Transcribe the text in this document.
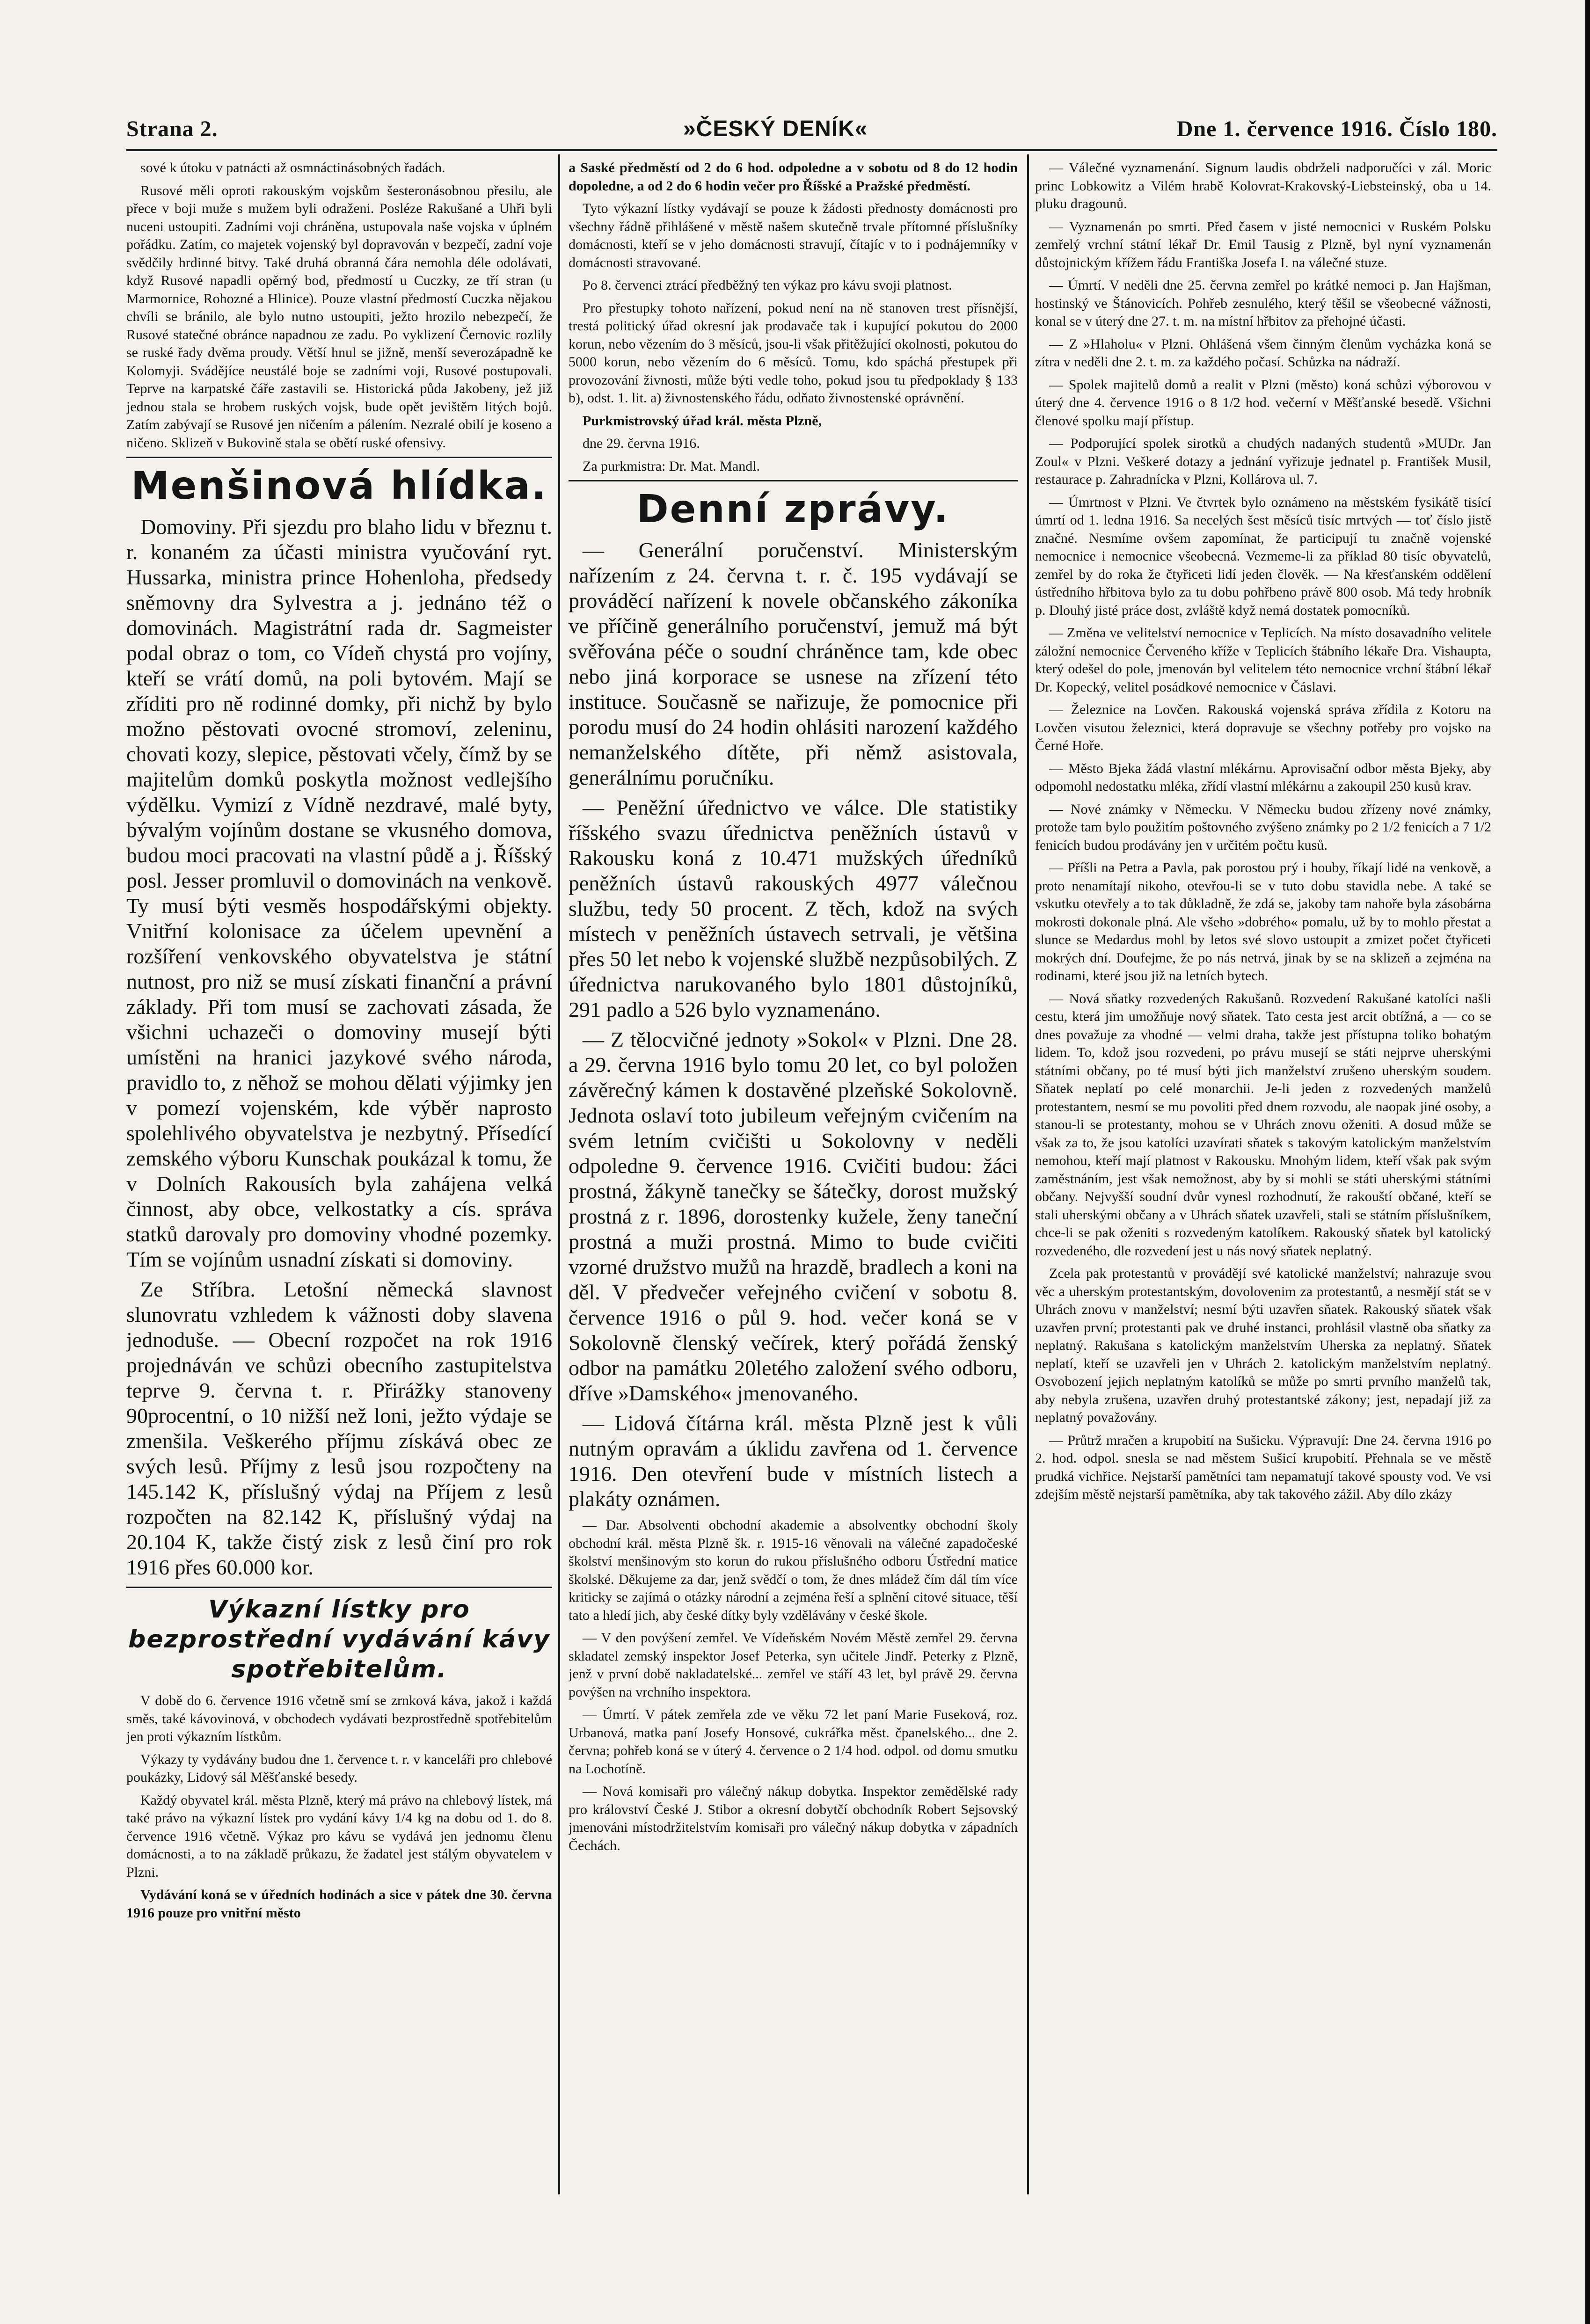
Strana 2.	»ČESKÝ DENÍK«	Dne 1. července 1916. Číslo 180.

sové k útoku v patnácti až osmnáctinásobných řadách.

Rusové měli oproti rakouským vojskům šesteronásobnou přesilu, ale přece v boji muže s mužem byli odraženi. Posléze Rakušané a Uhři byli nuceni ustoupiti. Zadními voji chráněna, ustupovala naše vojska v úplném pořádku. Zatím, co majetek vojenský byl dopravován v bezpečí, zadní voje svědčily hrdinné bitvy. Také druhá obranná čára nemohla déle odolávati, když Rusové napadli opěrný bod, předmostí u Cuczky, ze tří stran (u Marmornice, Rohozné a Hlinice). Pouze vlastní předmostí Cuczka nějakou chvíli se bránilo, ale bylo nutno ustoupiti, ježto hrozilo nebezpečí, že Rusové statečné obránce napadnou ze zadu. Po vyklizení Černovic rozlily se ruské řady dvěma proudy. Větší hnul se jižně, menší severozápadně ke Kolomyji. Svádějíce neustálé boje se zadními voji, Rusové postupovali. Teprve na karpatské čáře zastavili se. Historická půda Jakobeny, jež již jednou stala se hrobem ruských vojsk, bude opět jevištěm litých bojů. Zatím zabývají se Rusové jen ničením a pálením. Nezralé obilí je koseno a ničeno. Sklizeň v Bukovině stala se obětí ruské ofensivy.

Menšinová hlídka.

Domoviny. Při sjezdu pro blaho lidu v březnu t. r. konaném za účasti ministra vyučování ryt. Hussarka, ministra prince Hohenloha, předsedy sněmovny dra Sylvestra a j. jednáno též o domovinách. Magistrátní rada dr. Sagmeister podal obraz o tom, co Vídeň chystá pro vojíny, kteří se vrátí domů, na poli bytovém. Mají se zříditi pro ně rodinné domky, při nichž by bylo možno pěstovati ovocné stromoví, zeleninu, chovati kozy, slepice, pěstovati včely, čímž by se majitelům domků poskytla možnost vedlejšího výdělku. Vymizí z Vídně nezdravé, malé byty, bývalým vojínům dostane se vkusného domova, budou moci pracovati na vlastní půdě a j. Říšský posl. Jesser promluvil o domovinách na venkově. Ty musí býti vesměs hospodářskými objekty. Vnitřní kolonisace za účelem upevnění a rozšíření venkovského obyvatelstva je státní nutnost, pro niž se musí získati finanční a právní základy. Při tom musí se zachovati zásada, že všichni uchazeči o domoviny musejí býti umístěni na hranici jazykové svého národa, pravidlo to, z něhož se mohou dělati výjimky jen v pomezí vojenském, kde výběr naprosto spolehlivého obyvatelstva je nezbytný. Přísedící zemského výboru Kunschak poukázal k tomu, že v Dolních Rakousích byla zahájena velká činnost, aby obce, velkostatky a cís. správa statků darovaly pro domoviny vhodné pozemky. Tím se vojínům usnadní získati si domoviny.

Ze Stříbra. Letošní německá slavnost slunovratu vzhledem k vážnosti doby slavena jednoduše. — Obecní rozpočet na rok 1916 projednáván ve schůzi obecního zastupitelstva teprve 9. června t. r. Přirážky stanoveny 90procentní, o 10 nižší než loni, ježto výdaje se zmenšila. Veškerého příjmu získává obec ze svých lesů. Příjmy z lesů jsou rozpočteny na 145.142 K, příslušný výdaj na Příjem z lesů rozpočten na 82.142 K, příslušný výdaj na 20.104 K, takže čistý zisk z lesů činí pro rok 1916 přes 60.000 kor.

Výkazní lístky pro bezprostřední vydávání kávy spotřebitelům.

V době do 6. července 1916 včetně smí se zrnková káva, jakož i každá směs, také kávovinová, v obchodech vydávati bezprostředně spotřebitelům jen proti výkazním lístkům.

Výkazy ty vydávány budou dne 1. července t. r. v kanceláři pro chlebové poukázky, Lidový sál Měšťanské besedy.

Každý obyvatel král. města Plzně, který má právo na chlebový lístek, má také právo na výkazní lístek pro vydání kávy 1/4 kg na dobu od 1. do 8. července 1916 včetně. Výkaz pro kávu se vydává jen jednomu členu domácnosti, a to na základě průkazu, že žadatel jest stálým obyvatelem v Plzni.

Vydávání koná se v úředních hodinách a sice v pátek dne 30. června 1916 pouze pro vnitřní město

a Saské předměstí od 2 do 6 hod. odpoledne a v sobotu od 8 do 12 hodin dopoledne, a od 2 do 6 hodin večer pro Říšské a Pražské předměstí.

Tyto výkazní lístky vydávají se pouze k žádosti přednosty domácnosti pro všechny řádně přihlášené v městě našem skutečně trvale přítomné příslušníky domácnosti, kteří se v jeho domácnosti stravují, čítajíc v to i podnájemníky v domácnosti stravované.

Po 8. červenci ztrácí předběžný ten výkaz pro kávu svoji platnost.

Pro přestupky tohoto nařízení, pokud není na ně stanoven trest přísnější, trestá politický úřad okresní jak prodavače tak i kupující pokutou do 2000 korun, nebo vězením do 3 měsíců, jsou-li však přitěžující okolnosti, pokutou do 5000 korun, nebo vězením do 6 měsíců. Tomu, kdo spáchá přestupek při provozování živnosti, může býti vedle toho, pokud jsou tu předpoklady § 133 b), odst. 1. lit. a) živnostenského řádu, odňato živnostenské oprávnění.

Purkmistrovský úřad král. města Plzně,

dne 29. června 1916.

Za purkmistra: Dr. Mat. Mandl.

Denní zprávy.

— Generální poručenství. Ministerským nařízením z 24. června t. r. č. 195 vydávají se prováděcí nařízení k novele občanského zákoníka ve příčině generálního poručenství, jemuž má být svěřována péče o soudní chráněnce tam, kde obec nebo jiná korporace se usnese na zřízení této instituce. Současně se nařizuje, že pomocnice při porodu musí do 24 hodin ohlásiti narození každého nemanželského dítěte, při němž asistovala, generálnímu poručníku.

— Peněžní úřednictvo ve válce. Dle statistiky říšského svazu úřednictva peněžních ústavů v Rakousku koná z 10.471 mužských úředníků peněžních ústavů rakouských 4977 válečnou službu, tedy 50 procent. Z těch, kdož na svých místech v peněžních ústavech setrvali, je většina přes 50 let nebo k vojenské službě nezpůsobilých. Z úřednictva narukovaného bylo 1801 důstojníků, 291 padlo a 526 bylo vyznamenáno.

— Z tělocvičné jednoty »Sokol« v Plzni. Dne 28. a 29. června 1916 bylo tomu 20 let, co byl položen závěrečný kámen k dostavěné plzeňské Sokolovně. Jednota oslaví toto jubileum veřejným cvičením na svém letním cvičišti u Sokolovny v neděli odpoledne 9. července 1916. Cvičiti budou: žáci prostná, žákyně tanečky se šátečky, dorost mužský prostná z r. 1896, dorostenky kužele, ženy taneční prostná a muži prostná. Mimo to bude cvičiti vzorné družstvo mužů na hrazdě, bradlech a koni na děl. V předvečer veřejného cvičení v sobotu 8. července 1916 o půl 9. hod. večer koná se v Sokolovně členský večírek, který pořádá ženský odbor na památku 20letého založení svého odboru, dříve »Damského« jmenovaného.

— Lidová čítárna král. města Plzně jest k vůli nutným opravám a úklidu zavřena od 1. července 1916. Den otevření bude v místních listech a plakáty oznámen.

— Dar. Absolventi obchodní akademie a absolventky obchodní školy obchodní král. města Plzně šk. r. 1915-16 věnovali na válečné zapadočeské školství menšinovým sto korun do rukou příslušného odboru Ústřední matice školské. Děkujeme za dar, jenž svědčí o tom, že dnes mládež čím dál tím více kriticky se zajímá o otázky národní a zejména řeší a splnění citové situace, těší tato a hledí jich, aby české dítky byly vzdělávány v české škole.

— V den povýšení zemřel. Ve Vídeňském Novém Městě zemřel 29. června skladatel zemský inspektor Josef Peterka, syn učitele Jindř. Peterky z Plzně, jenž v první době nakladatelské... zemřel ve stáří 43 let, byl právě 29. června povýšen na vrchního inspektora.

— Úmrtí. V pátek zemřela zde ve věku 72 let paní Marie Fuseková, roz. Urbanová, matka paní Josefy Honsové, cukrářka měst. čpanelského... dne 2. června; pohřeb koná se v úterý 4. července o 2 1/4 hod. odpol. od domu smutku na Lochotíně.

— Nová komisaři pro válečný nákup dobytka. Inspektor zemědělské rady pro království České J. Stibor a okresní dobytčí obchodník Robert Sejsovský jmenováni místodržitelstvím komisaři pro válečný nákup dobytka v západních Čechách.

— Válečné vyznamenání. Signum laudis obdrželi nadporučíci v zál. Moric princ Lobkowitz a Vilém hrabě Kolovrat-Krakovský-Liebsteinský, oba u 14. pluku dragounů.

— Vyznamenán po smrti. Před časem v jisté nemocnici v Ruském Polsku zemřelý vrchní státní lékař Dr. Emil Tausig z Plzně, byl nyní vyznamenán důstojnickým křížem řádu Františka Josefa I. na válečné stuze.

— Úmrtí. V neděli dne 25. června zemřel po krátké nemoci p. Jan Hajšman, hostinský ve Štánovicích. Pohřeb zesnulého, který těšil se všeobecné vážnosti, konal se v úterý dne 27. t. m. na místní hřbitov za přehojné účasti.

— Z »Hlaholu« v Plzni. Ohlášená všem činným členům vycházka koná se zítra v neděli dne 2. t. m. za každého počasí. Schůzka na nádraží.

— Spolek majitelů domů a realit v Plzni (město) koná schůzi výborovou v úterý dne 4. července 1916 o 8 1/2 hod. večerní v Měšťanské besedě. Všichni členové spolku mají přístup.

— Podporující spolek sirotků a chudých nadaných studentů »MUDr. Jan Zoul« v Plzni. Veškeré dotazy a jednání vyřizuje jednatel p. František Musil, restaurace p. Zahradnícka v Plzni, Kollárova ul. 7.

— Úmrtnost v Plzni. Ve čtvrtek bylo oznámeno na městském fysikátě tisící úmrtí od 1. ledna 1916. Sa necelých šest měsíců tisíc mrtvých — toť číslo jistě značné. Nesmíme ovšem zapomínat, že participují tu značně vojenské nemocnice i nemocnice všeobecná. Vezmeme-li za příklad 80 tisíc obyvatelů, zemřel by do roka že čtyřiceti lidí jeden člověk. — Na křesťanském oddělení ústředního hřbitova bylo za tu dobu pohřbeno právě 800 osob. Má tedy hrobník p. Dlouhý jisté práce dost, zvláště když nemá dostatek pomocníků.

— Změna ve velitelství nemocnice v Teplicích. Na místo dosavadního velitele záložní nemocnice Červeného kříže v Teplicích štábního lékaře Dra. Vishaupta, který odešel do pole, jmenován byl velitelem této nemocnice vrchní štábní lékař Dr. Kopecký, velitel posádkové nemocnice v Čáslavi.

— Železnice na Lovčen. Rakouská vojenská správa zřídila z Kotoru na Lovčen visutou železnici, která dopravuje se všechny potřeby pro vojsko na Černé Hoře.

— Město Bjeka žádá vlastní mlékárnu. Aprovisační odbor města Bjeky, aby odpomohl nedostatku mléka, zřídí vlastní mlékárnu a zakoupil 250 kusů krav.

— Nové známky v Německu. V Německu budou zřízeny nové známky, protože tam bylo použitím poštovného zvýšeno známky po 2 1/2 fenicích a 7 1/2 fenicích budou prodávány jen v určitém počtu kusů.

— Příšli na Petra a Pavla, pak porostou prý i houby, říkají lidé na venkově, a proto nenamítají nikoho, otevřou-li se v tuto dobu stavidla nebe. A také se vskutku otevřely a to tak důkladně, že zdá se, jakoby tam nahoře byla zásobárna mokrosti dokonale plná. Ale všeho »dobrého« pomalu, už by to mohlo přestat a slunce se Medardus mohl by letos své slovo ustoupit a zmizet počet čtyřiceti mokrých dní. Doufejme, že po nás netrvá, jinak by se na sklizeň a zejména na rodinami, které jsou již na letních bytech.

— Nová sňatky rozvedených Rakušanů. Rozvedení Rakušané katolíci našli cestu, která jim umožňuje nový sňatek. Tato cesta jest arcit obtížná, a — co se dnes považuje za vhodné — velmi draha, takže jest přístupna toliko bohatým lidem. To, kdož jsou rozvedeni, po právu musejí se státi nejprve uherskými státními občany, po té musí býti jich manželství zrušeno uherským soudem. Sňatek neplatí po celé monarchii. Je-li jeden z rozvedených manželů protestantem, nesmí se mu povoliti před dnem rozvodu, ale naopak jiné osoby, a stanou-li se protestanty, mohou se v Uhrách znovu oženiti. A dosud může se však za to, že jsou katolíci uzavírati sňatek s takovým katolickým manželstvím nemohou, kteří mají platnost v Rakousku. Mnohým lidem, kteří však pak svým zaměstnáním, jest však nemožnost, aby by si mohli se státi uherskými státními občany. Nejvyšší soudní dvůr vynesl rozhodnutí, že rakouští občané, kteří se stali uherskými občany a v Uhrách sňatek uzavřeli, stali se státním příslušníkem, chce-li se pak oženiti s rozvedeným katolíkem. Rakouský sňatek byl katolický rozvedeného, dle rozvedení jest u nás nový sňatek neplatný.

Zcela pak protestantů v provádějí své katolické manželství; nahrazuje svou věc a uherským protestantským, dovolovenim za protestantů, a nesmějí stát se v Uhrách znovu v manželství; nesmí býti uzavřen sňatek. Rakouský sňatek však uzavřen první; protestanti pak ve druhé instanci, prohlásil vlastně oba sňatky za neplatný. Rakušana s katolickým manželstvím Uherska za neplatný. Sňatek neplatí, kteří se uzavřeli jen v Uhrách 2. katolickým manželstvím neplatný. Osvobození jejich neplatným katolíků se může po smrti prvního manželů tak, aby nebyla zrušena, uzavřen druhý protestantské zákony; jest, nepadají již za neplatný považovány.

— Průtrž mračen a krupobití na Sušicku. Výpravují: Dne 24. června 1916 po 2. hod. odpol. snesla se nad městem Sušicí krupobití. Přehnala se ve městě prudká vichřice. Nejstarší pamětníci tam nepamatují takové spousty vod. Ve vsi zdejším městě nejstarší pamětníka, aby tak takového zážil. Aby dílo zkázy
